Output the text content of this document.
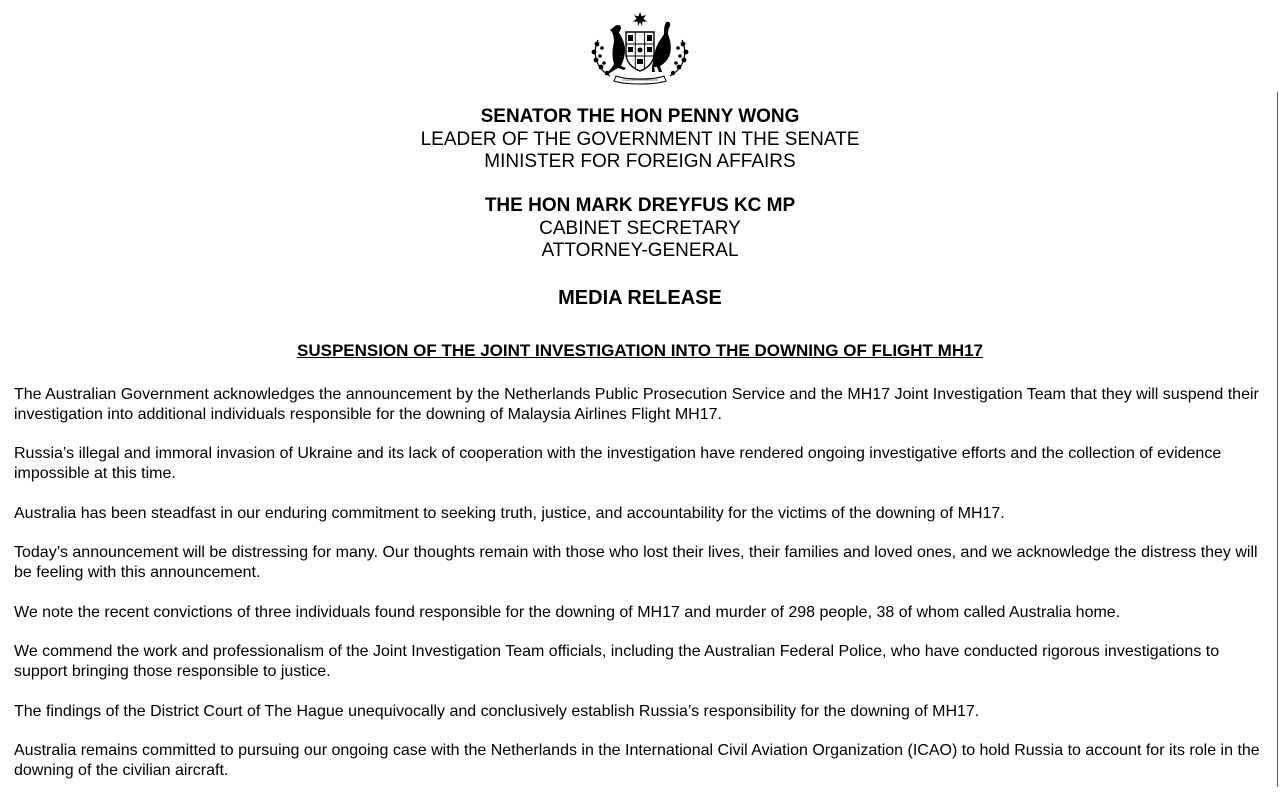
SENATOR THE HON PENNY WONG
LEADER OF THE GOVERNMENT IN THE SENATE
MINISTER FOR FOREIGN AFFAIRS
THE HON MARK DREYFUS KC MP
CABINET SECRETARY
ATTORNEY-GENERAL
MEDIA RELEASE
SUSPENSION OF THE JOINT INVESTIGATION INTO THE DOWNING OF FLIGHT MH17

The Australian Government acknowledges the announcement by the Netherlands Public Prosecution Service and the MH17 Joint Investigation Team that they will suspend their investigation into additional individuals responsible for the downing of Malaysia Airlines Flight MH17.

Russia’s illegal and immoral invasion of Ukraine and its lack of cooperation with the investigation have rendered ongoing investigative efforts and the collection of evidence impossible at this time.

Australia has been steadfast in our enduring commitment to seeking truth, justice, and accountability for the victims of the downing of MH17.

Today’s announcement will be distressing for many. Our thoughts remain with those who lost their lives, their families and loved ones, and we acknowledge the distress they will be feeling with this announcement.

We note the recent convictions of three individuals found responsible for the downing of MH17 and murder of 298 people, 38 of whom called Australia home.

We commend the work and professionalism of the Joint Investigation Team officials, including the Australian Federal Police, who have conducted rigorous investigations to support bringing those responsible to justice.

The findings of the District Court of The Hague unequivocally and conclusively establish Russia’s responsibility for the downing of MH17.

Australia remains committed to pursuing our ongoing case with the Netherlands in the International Civil Aviation Organization (ICAO) to hold Russia to account for its role in the downing of the civilian aircraft.
